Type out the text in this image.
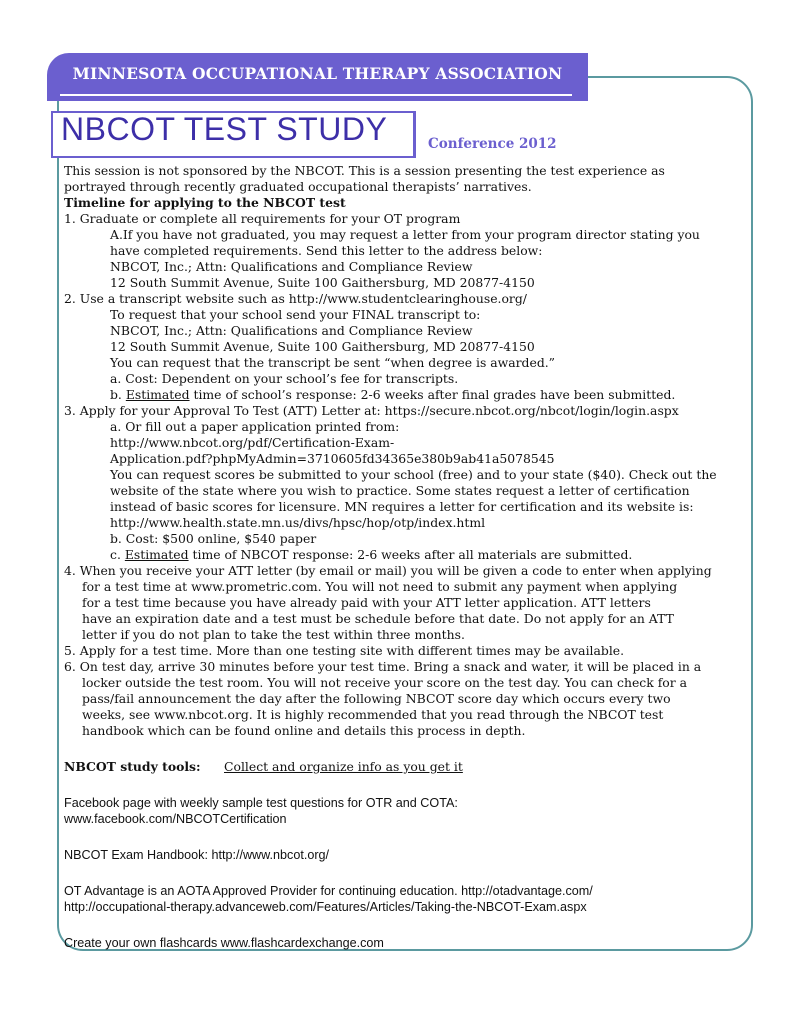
MINNESOTA OCCUPATIONAL THERAPY ASSOCIATION
NBCOT TEST STUDY	Conference 2012

This session is not sponsored by the NBCOT. This is a session presenting the test experience as

portrayed through recently graduated occupational therapists’ narratives.

Timeline for applying to the NBCOT test

1. Graduate or complete all requirements for your OT program

A.If you have not graduated, you may request a letter from your program director stating you

have completed requirements. Send this letter to the address below:

NBCOT, Inc.; Attn: Qualifications and Compliance Review

12 South Summit Avenue, Suite 100 Gaithersburg, MD 20877-4150

2. Use a transcript website such as http://www.studentclearinghouse.org/

To request that your school send your FINAL transcript to:

NBCOT, Inc.; Attn: Qualifications and Compliance Review

12 South Summit Avenue, Suite 100 Gaithersburg, MD 20877-4150

You can request that the transcript be sent “when degree is awarded.”

a. Cost: Dependent on your school’s fee for transcripts.

b. Estimated time of school’s response: 2-6 weeks after final grades have been submitted.

3. Apply for your Approval To Test (ATT) Letter at: https://secure.nbcot.org/nbcot/login/login.aspx

a. Or fill out a paper application printed from:

http://www.nbcot.org/pdf/Certification-Exam-

Application.pdf?phpMyAdmin=3710605fd34365e380b9ab41a5078545

You can request scores be submitted to your school (free) and to your state ($40). Check out the

website of the state where you wish to practice. Some states request a letter of certification

instead of basic scores for licensure. MN requires a letter for certification and its website is:

http://www.health.state.mn.us/divs/hpsc/hop/otp/index.html

b. Cost: $500 online, $540 paper

c. Estimated time of NBCOT response: 2-6 weeks after all materials are submitted.

4. When you receive your ATT letter (by email or mail) you will be given a code to enter when applying

for a test time at www.prometric.com. You will not need to submit any payment when applying

for a test time because you have already paid with your ATT letter application. ATT letters

have an expiration date and a test must be schedule before that date. Do not apply for an ATT

letter if you do not plan to take the test within three months.

5. Apply for a test time. More than one testing site with different times may be available.

6. On test day, arrive 30 minutes before your test time. Bring a snack and water, it will be placed in a

locker outside the test room. You will not receive your score on the test day. You can check for a

pass/fail announcement the day after the following NBCOT score day which occurs every two

weeks, see www.nbcot.org. It is highly recommended that you read through the NBCOT test

handbook which can be found online and details this process in depth.

NBCOT study tools: Collect and organize info as you get it

Facebook page with weekly sample test questions for OTR and COTA:

www.facebook.com/NBCOTCertification

NBCOT Exam Handbook: http://www.nbcot.org/

OT Advantage is an AOTA Approved Provider for continuing education. http://otadvantage.com/

http://occupational-therapy.advanceweb.com/Features/Articles/Taking-the-NBCOT-Exam.aspx

Create your own flashcards www.flashcardexchange.com
